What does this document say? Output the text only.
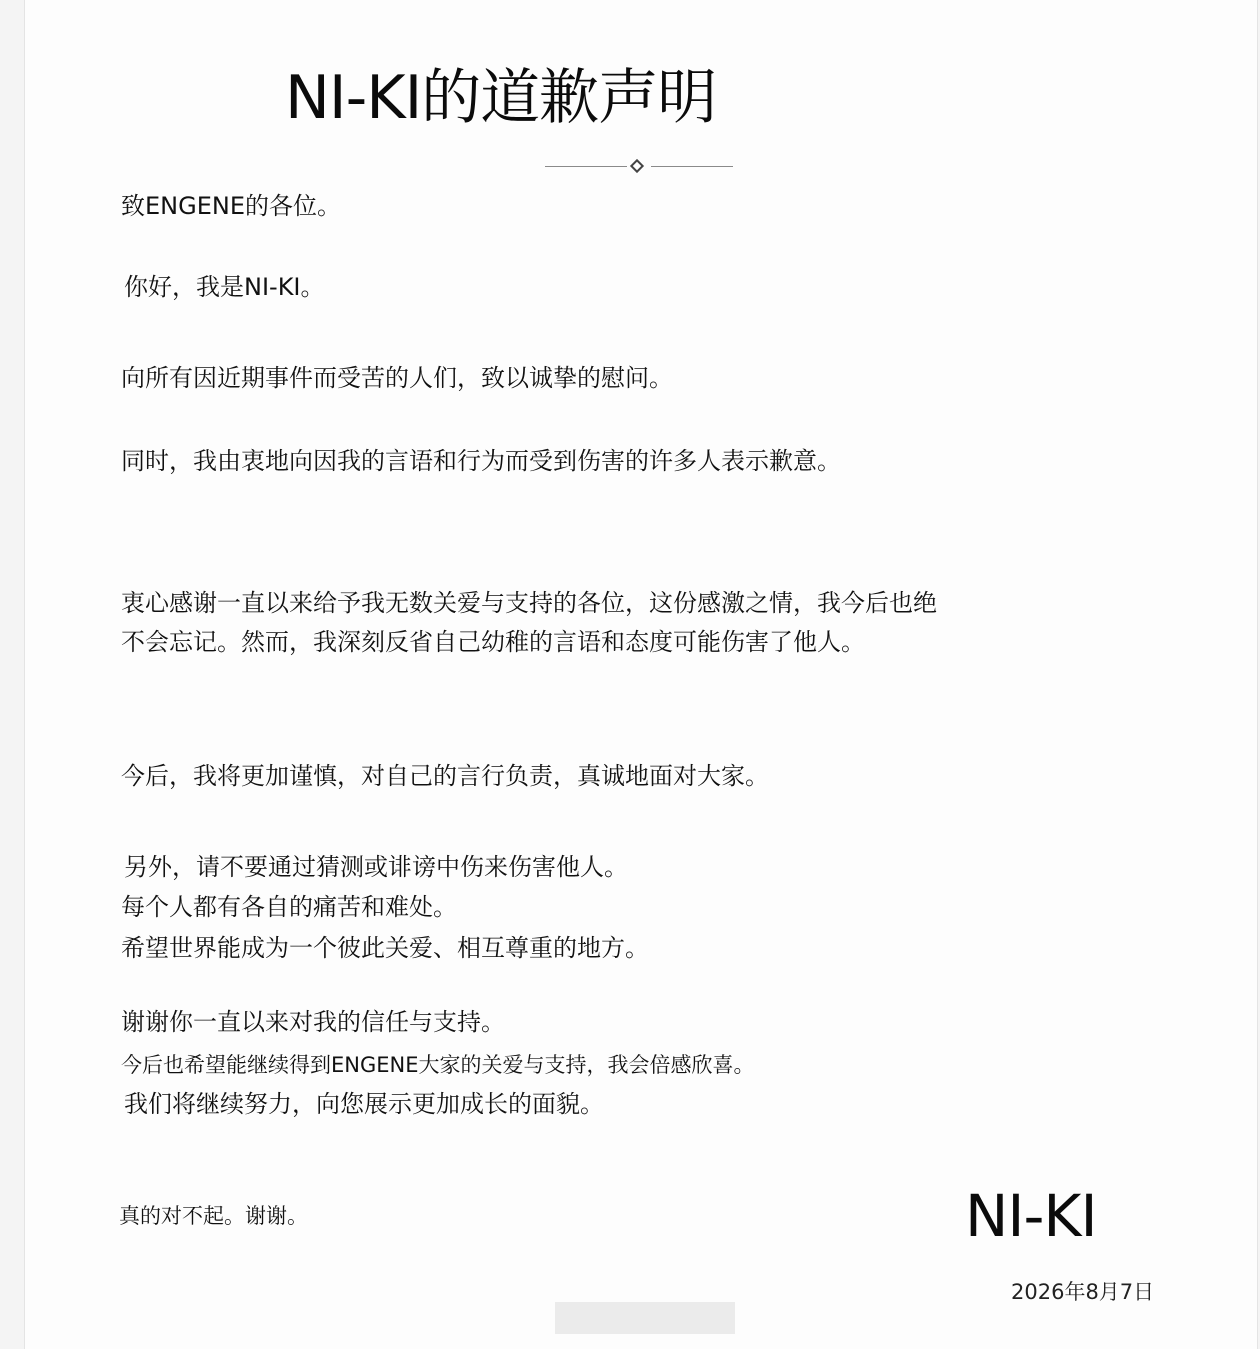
NI-KI的道歉声明
致ENGENE的各位。
你好，我是NI-KI。
向所有因近期事件而受苦的人们，致以诚挚的慰问。
同时，我由衷地向因我的言语和行为而受到伤害的许多人表示歉意。
衷心感谢一直以来给予我无数关爱与支持的各位，这份感激之情，我今后也绝
不会忘记。然而，我深刻反省自己幼稚的言语和态度可能伤害了他人。
今后，我将更加谨慎，对自己的言行负责，真诚地面对大家。
另外，请不要通过猜测或诽谤中伤来伤害他人。
每个人都有各自的痛苦和难处。
希望世界能成为一个彼此关爱、相互尊重的地方。
谢谢你一直以来对我的信任与支持。
今后也希望能继续得到ENGENE大家的关爱与支持，我会倍感欣喜。
我们将继续努力，向您展示更加成长的面貌。
真的对不起。谢谢。	NI-KI
2026年8月7日
